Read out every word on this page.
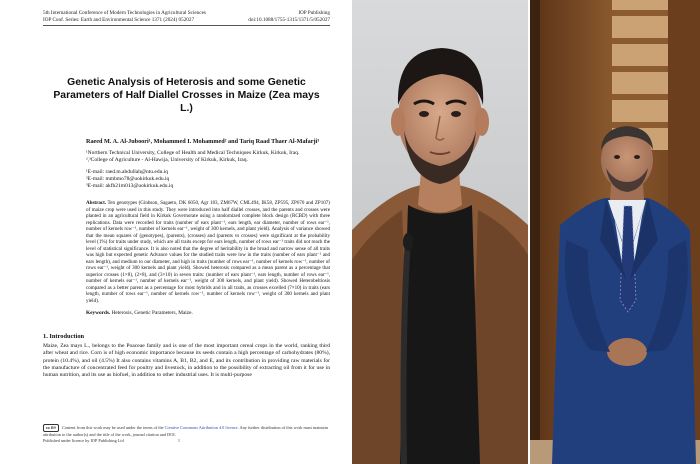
5th International Conference of Modern Technologies in Agricultural Sciences
IOP Conf. Series: Earth and Environmental Science 1371 (2024) 052027
IOP Publishing
doi:10.1088/1755-1315/1371/5/052027
Genetic Analysis of Heterosis and some Genetic Parameters of Half Diallel Crosses in Maize (Zea mays L.)
Raeed M. A. Al-Juboori¹, Mohammed I. Mohammed² and Tariq Raad Thaer Al-Mafarji³
¹Northern Technical University, College of Health and Medical Techniques Kirkuk, Kirkuk, Iraq.
²,³College of Agriculture - Al-Hawija, University of Kirkuk, Kirkuk, Iraq.
¹E-mail: raed.m.abdullah@ntu.edu.iq
²E-mail: mmbmo78@uokirkuk.edu.iq
³E-mail: akfh21m013@uokirkuk.edu.iq
Abstract. Ten genotypes (Ginbson, Sagaeto, DK 6050, Agr 183, ZM67W, CML494, IK58, ZP595, ZP670 and ZP107) of maize crop were used in this study. They were introduced into half diallel crosses, and the parents and crosses were planted in an agricultural field in Kirkuk Governorate using a randomized complete block design (RCBD) with three replications. Data were recorded for traits (number of ears plant⁻¹, ears length, ear diameter, number of rows ear⁻¹, number of kernels row⁻¹, number of kernels ear⁻¹, weight of 300 kernels, and plant yield). Analysis of variance showed that the mean squares of (genotypes), (parents), (crosses) and (parents vs crosses) were significant at the probability level (1%) for traits under study, which are all traits except for ears length, number of rows ear⁻¹ traits did not reach the level of statistical significance. It is also noted that the degree of heritability in the broad and narrow sense of all traits was high but expected genetic Advance values for the studied traits were low in the traits (number of ears plant⁻¹ and ears length), and medium to our diameter, and high in traits (number of rows ear⁻¹, number of kernels row⁻¹, number of rows ear⁻¹, weight of 300 kernels and plant yield). Showed heterosis compared as a mean parent as a percentage that superior crosses (1×8), (2×8), and (3×10) in seven traits: (number of ears plant⁻¹, ears length, number of rows ear⁻¹, number of kernels ear⁻¹, number of kernels ear⁻¹, weight of 300 kernels, and plant yield). Showed Heterobeltiosis compared as a better parent as a percentage for most hybrids and in all traits, as crosses excelled (7×10) in traits (ears length, number of rows ear⁻¹, number of kernels row⁻¹, number of kernels row⁻¹, weight of 300 kernels and plant yield).
Keywords. Heterosis, Genetic Parameters, Maize.
1. Introduction
Maize, Zea mays L., belongs to the Poaceae family and is one of the most important cereal crops in the world, ranking third after wheat and rice. Corn is of high economic importance because its seeds contain a high percentage of carbohydrates (80%), protein (10.4%), and oil (4.5%) It also contains vitamins A, B1, B2, and E, and its contribution in providing raw materials for the manufacture of concentrated feed for poultry and livestock, in addition to the possibility of extracting oil from it for use in human nutrition, and its use as biofuel, in addition to other industrial uses. It is multi-purpose
cc BY Content from this work may be used under the terms of the Creative Commons Attribution 4.0 licence. Any further distribution of this work must maintain attribution to the author(s) and the title of the work, journal citation and DOI.
Published under licence by IOP Publishing Ltd	1
